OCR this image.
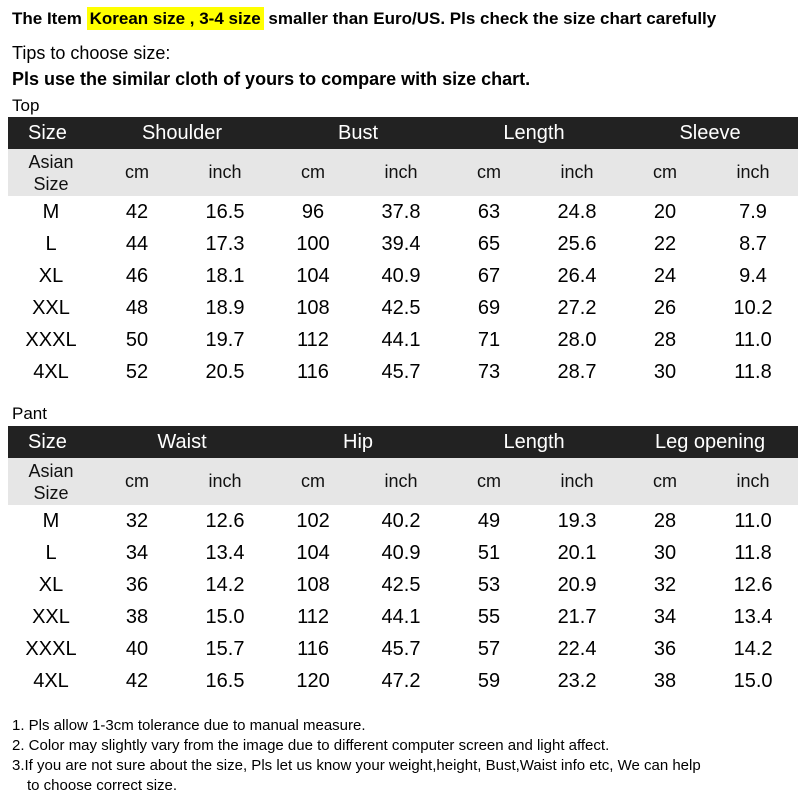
The Item Korean size , 3-4 size smaller than Euro/US. Pls check the size chart carefully
Tips to choose size:
Pls use the similar cloth of yours to compare with size chart.
Top
Size	Shoulder		Bust		Length		Sleeve	
Asian
Size	cm	inch	cm	inch	cm	inch	cm	inch
M	42	16.5	96	37.8	63	24.8	20	7.9
L	44	17.3	100	39.4	65	25.6	22	8.7
XL	46	18.1	104	40.9	67	26.4	24	9.4
XXL	48	18.9	108	42.5	69	27.2	26	10.2
XXXL	50	19.7	112	44.1	71	28.0	28	11.0
4XL	52	20.5	116	45.7	73	28.7	30	11.8
Pant
Size	Waist		Hip		Length		Leg opening	
Asian
Size	cm	inch	cm	inch	cm	inch	cm	inch
M	32	12.6	102	40.2	49	19.3	28	11.0
L	34	13.4	104	40.9	51	20.1	30	11.8
XL	36	14.2	108	42.5	53	20.9	32	12.6
XXL	38	15.0	112	44.1	55	21.7	34	13.4
XXXL	40	15.7	116	45.7	57	22.4	36	14.2
4XL	42	16.5	120	47.2	59	23.2	38	15.0
1. Pls allow 1-3cm tolerance due to manual measure.
2. Color may slightly vary from the image due to different computer screen and light affect.
3.If you are not sure about the size, Pls let us know your weight,height, Bust,Waist info etc, We can help
to choose correct size.
